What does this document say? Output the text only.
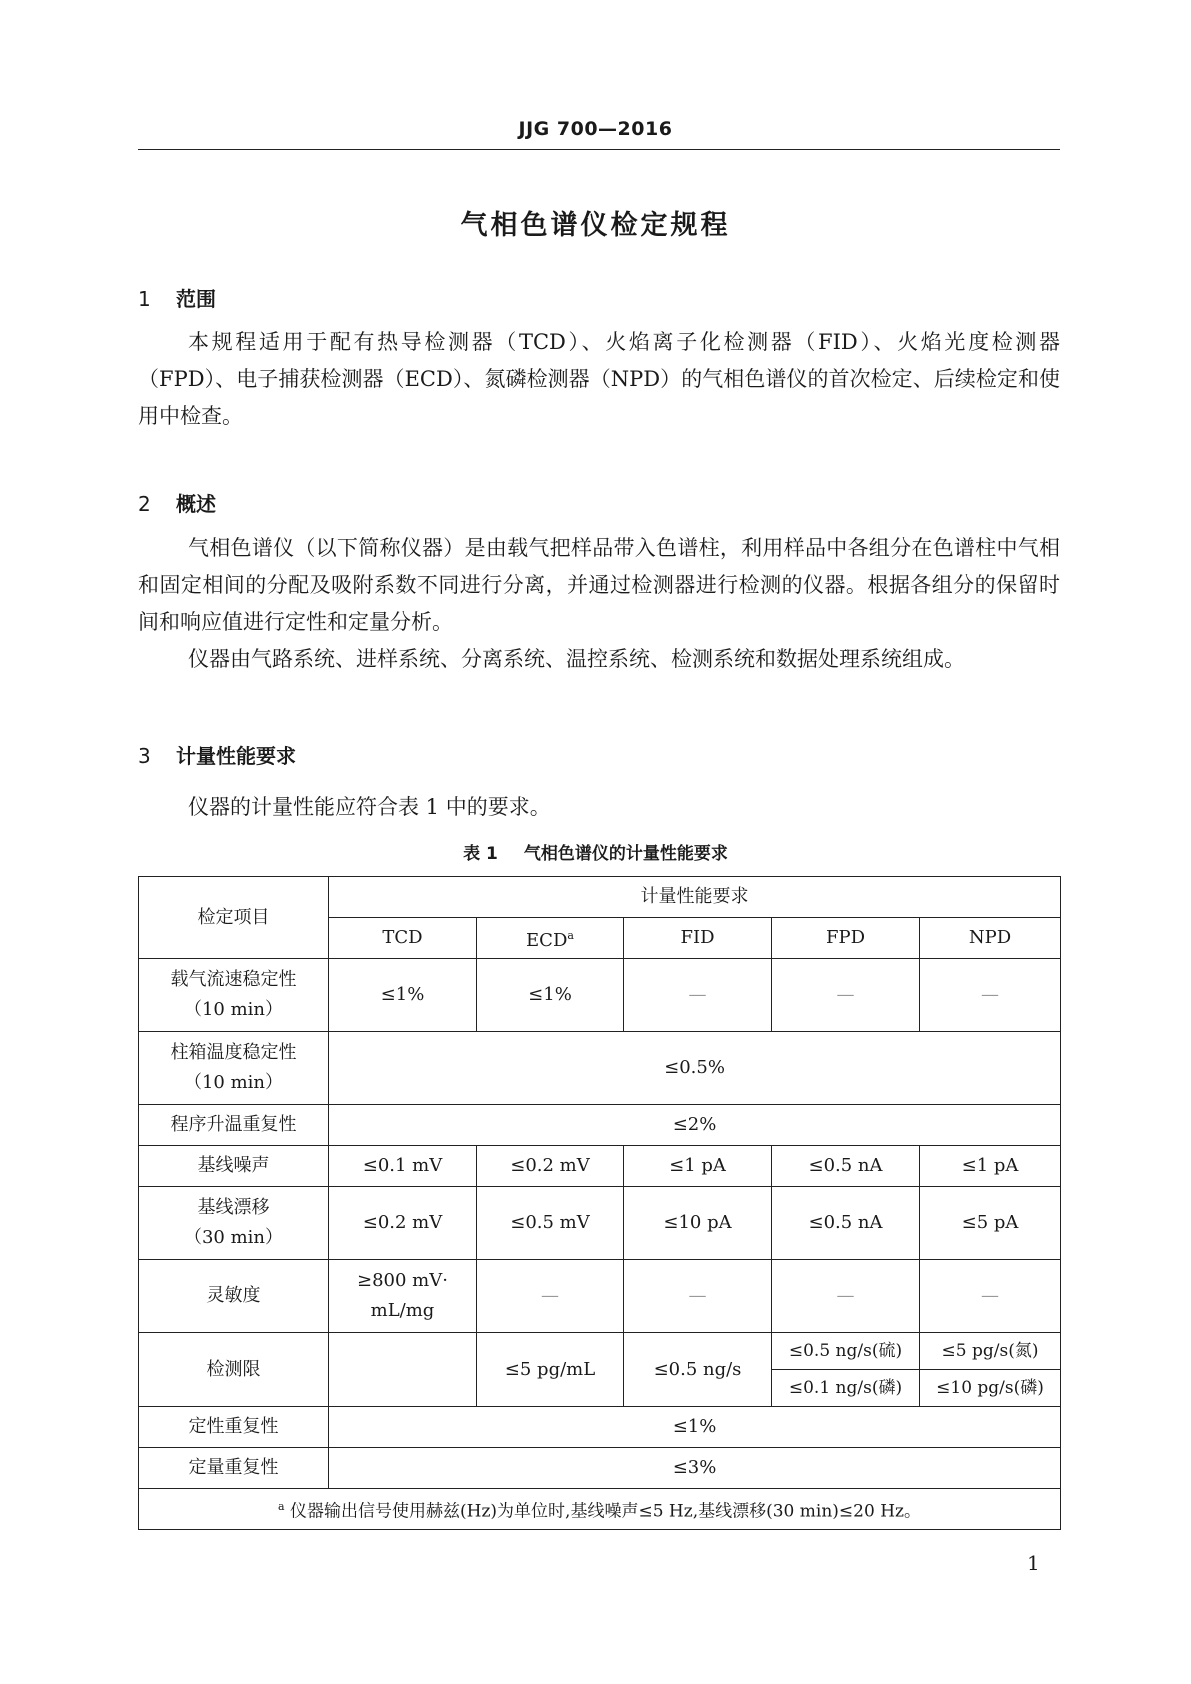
JJG 700—2016
气相色谱仪检定规程
1 范围

本规程适用于配有热导检测器（TCD）、火焰离子化检测器（FID）、火焰光度检测器（FPD）、电子捕获检测器（ECD）、氮磷检测器（NPD）的气相色谱仪的首次检定、后续检定和使用中检查。

2 概述

气相色谱仪（以下简称仪器）是由载气把样品带入色谱柱，利用样品中各组分在色谱柱中气相和固定相间的分配及吸附系数不同进行分离，并通过检测器进行检测的仪器。根据各组分的保留时间和响应值进行定性和定量分析。

仪器由气路系统、进样系统、分离系统、温控系统、检测系统和数据处理系统组成。

3 计量性能要求

仪器的计量性能应符合表 1 中的要求。

表 1 气相色谱仪的计量性能要求
检定项目	计量性能要求				
	TCD	ECD$^a$	FID	FPD	NPD

载气流速稳定性
（10 min）	≤1%	≤1%	—	—	—

柱箱温度稳定性
（10 min）	≤0.5%				
程序升温重复性	≤2%				
基线噪声	≤0.1 mV	≤0.2 mV	≤1 pA	≤0.5 nA	≤1 pA

基线漂移
（30 min）	≤0.2 mV	≤0.5 mV	≤10 pA	≤0.5 nA	≤5 pA
灵敏度	≥800 mV·
mL/mg	—	—	—	—
检测限		≤5 pg/mL	≤0.5 ng/s	≤0.5 ng/s(硫)	≤5 pg/s(氮)
				≤0.1 ng/s(磷)	≤10 pg/s(磷)
定性重复性	≤1%				
定量重复性	≤3%				
$^a$ 仪器输出信号使用赫兹(Hz)为单位时,基线噪声≤5 Hz,基线漂移(30 min)≤20 Hz。					
1
